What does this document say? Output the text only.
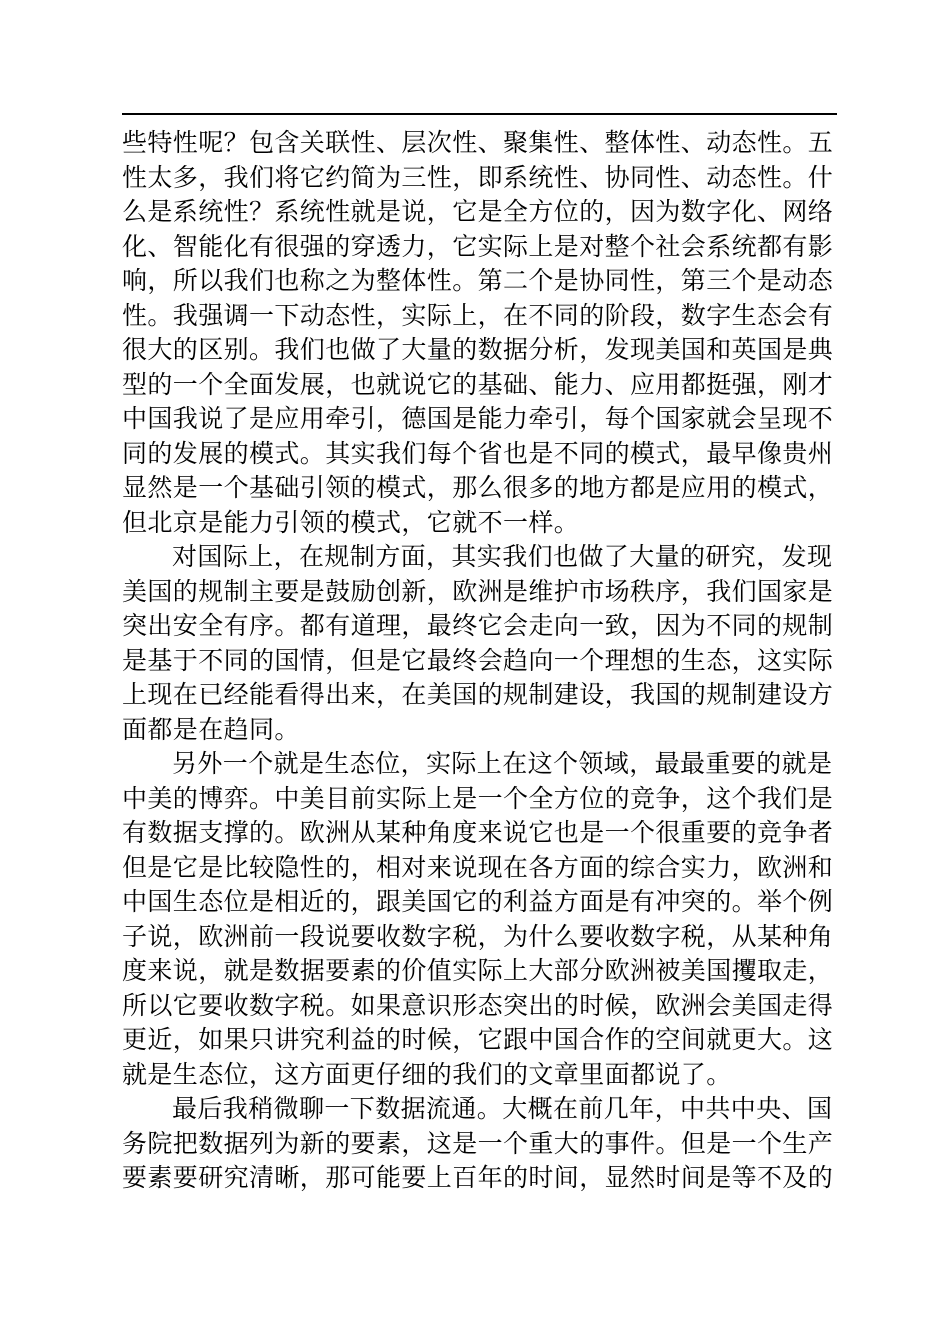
些特性呢？包含关联性、层次性、聚集性、整体性、动态性。五
性太多，我们将它约简为三性，即系统性、协同性、动态性。什
么是系统性？系统性就是说，它是全方位的，因为数字化、网络
化、智能化有很强的穿透力，它实际上是对整个社会系统都有影
响，所以我们也称之为整体性。第二个是协同性，第三个是动态
性。我强调一下动态性，实际上，在不同的阶段，数字生态会有
很大的区别。我们也做了大量的数据分析，发现美国和英国是典
型的一个全面发展，也就说它的基础、能力、应用都挺强，刚才
中国我说了是应用牵引，德国是能力牵引，每个国家就会呈现不
同的发展的模式。其实我们每个省也是不同的模式，最早像贵州
显然是一个基础引领的模式，那么很多的地方都是应用的模式，
但北京是能力引领的模式，它就不一样。
对国际上，在规制方面，其实我们也做了大量的研究，发现
美国的规制主要是鼓励创新，欧洲是维护市场秩序，我们国家是
突出安全有序。都有道理，最终它会走向一致，因为不同的规制
是基于不同的国情，但是它最终会趋向一个理想的生态，这实际
上现在已经能看得出来，在美国的规制建设，我国的规制建设方
面都是在趋同。
另外一个就是生态位，实际上在这个领域，最最重要的就是
中美的博弈。中美目前实际上是一个全方位的竞争，这个我们是
有数据支撑的。欧洲从某种角度来说它也是一个很重要的竞争者
但是它是比较隐性的，相对来说现在各方面的综合实力，欧洲和
中国生态位是相近的，跟美国它的利益方面是有冲突的。举个例
子说，欧洲前一段说要收数字税，为什么要收数字税，从某种角
度来说，就是数据要素的价值实际上大部分欧洲被美国攫取走，
所以它要收数字税。如果意识形态突出的时候，欧洲会美国走得
更近，如果只讲究利益的时候，它跟中国合作的空间就更大。这
就是生态位，这方面更仔细的我们的文章里面都说了。
最后我稍微聊一下数据流通。大概在前几年，中共中央、国
务院把数据列为新的要素，这是一个重大的事件。但是一个生产
要素要研究清晰，那可能要上百年的时间，显然时间是等不及的
